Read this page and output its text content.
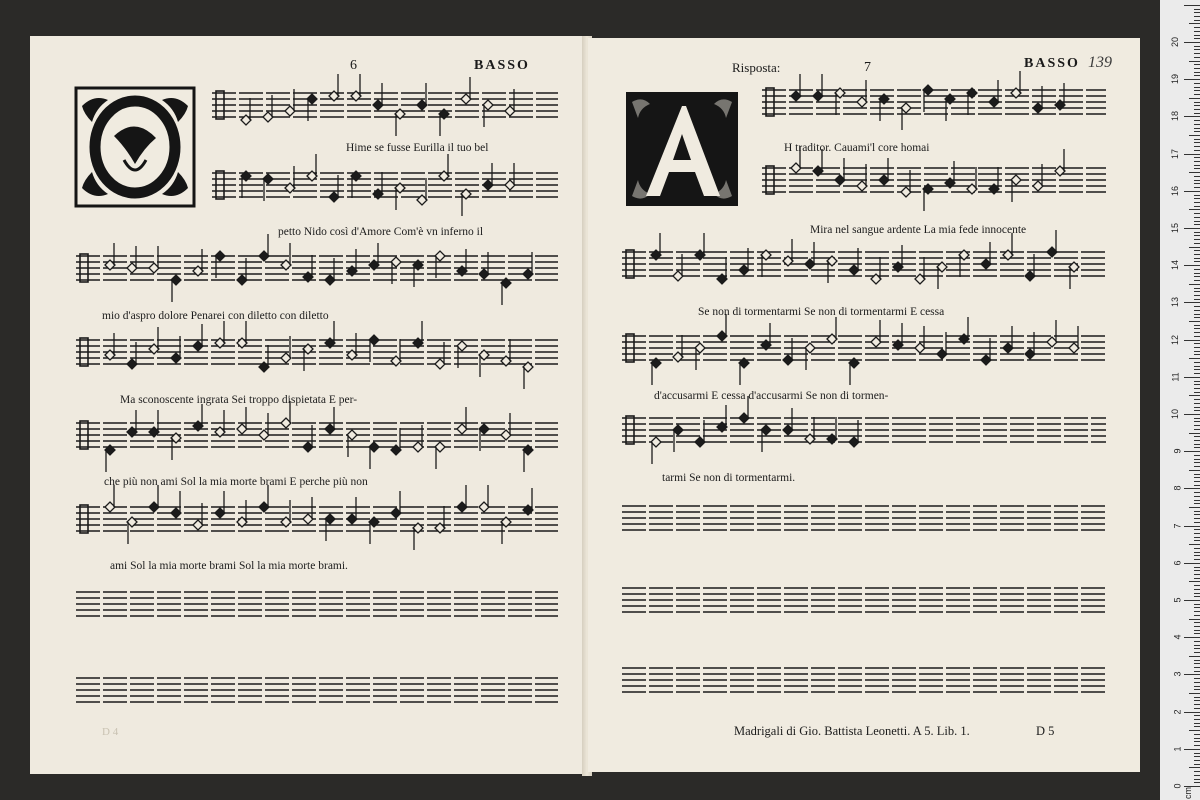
6	BASSO
Hime se fusse Eurilla il tuo bel
petto Nido così d'Amore Com'è vn inferno il
mio d'aspro dolore Penarei con diletto con diletto
Ma sconoscente ingrata Sei troppo dispietata E per-
che più non ami Sol la mia morte brami E perche più non
ami Sol la mia morte brami Sol la mia morte brami.
D 4
Risposta:	7	BASSO 139
H traditor. Cauami'l core homai
Mira nel sangue ardente La mia fede innocente
Se non di tormentarmi Se non di tormentarmi E cessa
d'accusarmi E cessa d'accusarmi Se non di tormen-
tarmi Se non di tormentarmi.
Madrigali di Gio. Battista Leonetti. A 5. Lib. 1.	D 5
0
1
2
3
4
5
6
7
8
9
10
11
12
13
14
15
16
17
18
19
20
cm
